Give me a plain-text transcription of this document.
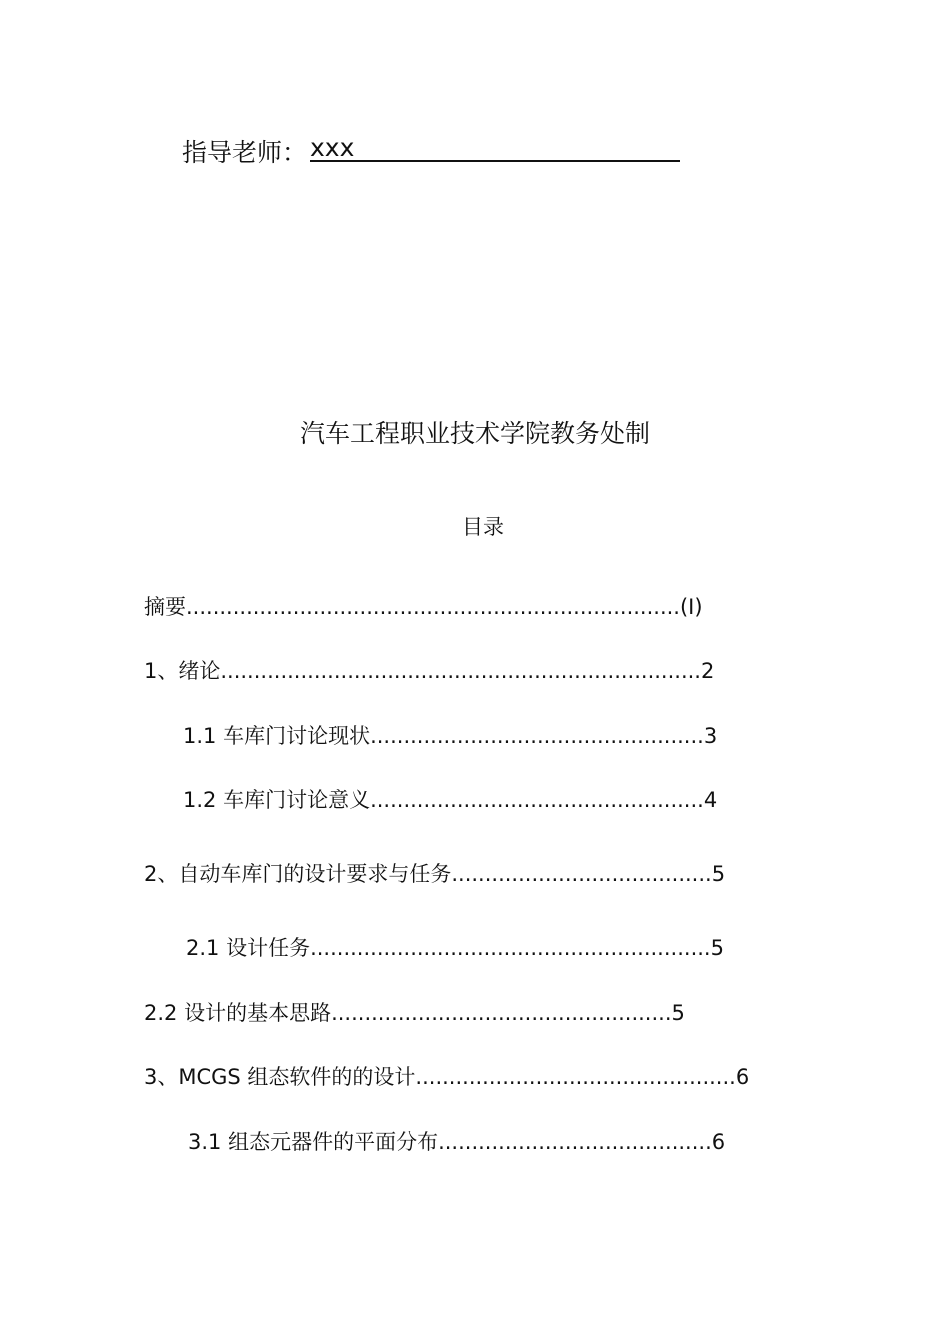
指导老师： xxx
汽车工程职业技术学院教务处制
目录
摘要..........................................................................(I)
1、绪论........................................................................2
1.1 车库门讨论现状..................................................3
1.2 车库门讨论意义..................................................4
2、自动车库门的设计要求与任务.......................................5
2.1 设计任务............................................................5
2.2 设计的基本思路...................................................5
3、MCGS 组态软件的的设计................................................6
3.1 组态元器件的平面分布.........................................6
